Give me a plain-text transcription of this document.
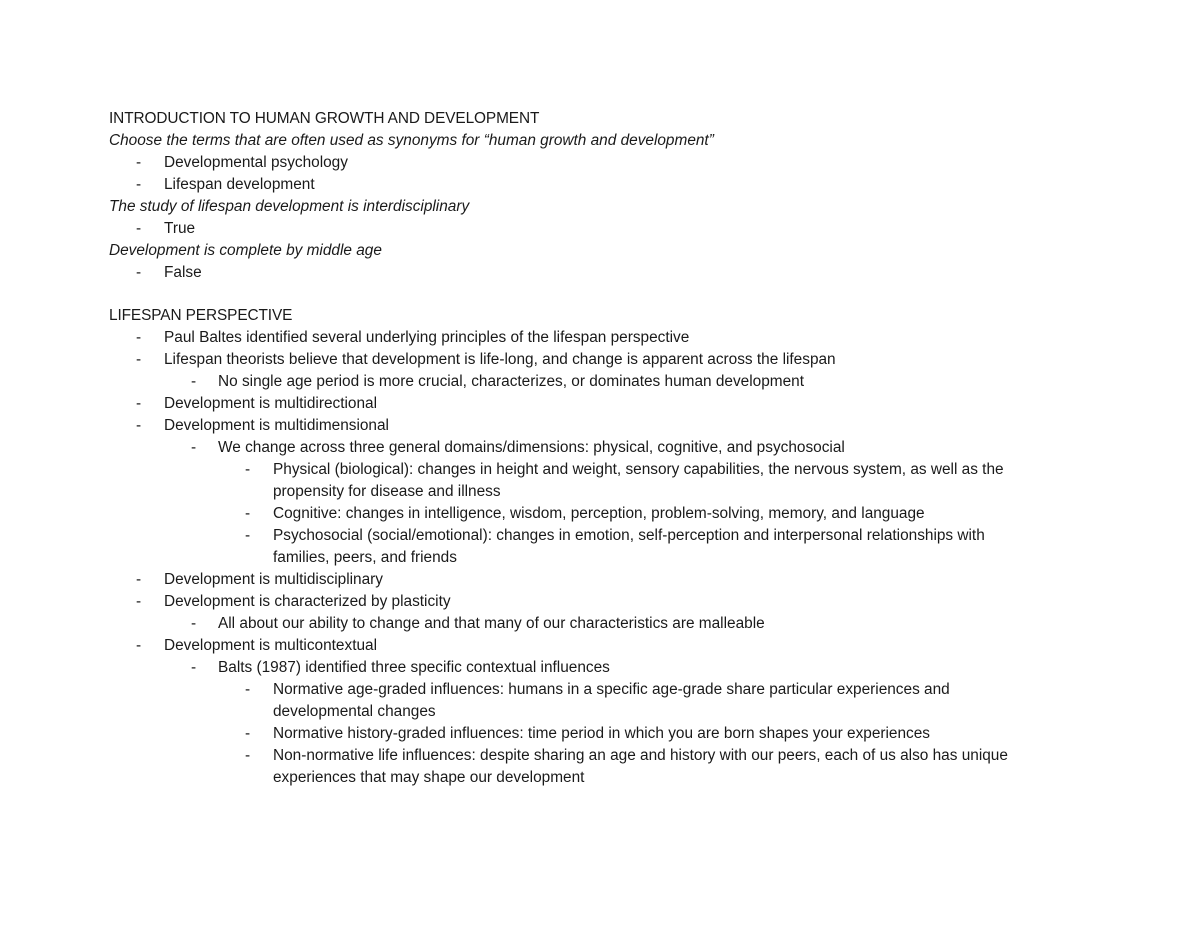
INTRODUCTION TO HUMAN GROWTH AND DEVELOPMENT
Choose the terms that are often used as synonyms for “human growth and development”
- Developmental psychology
- Lifespan development
The study of lifespan development is interdisciplinary
- True
Development is complete by middle age
- False
LIFESPAN PERSPECTIVE
- Paul Baltes identified several underlying principles of the lifespan perspective
- Lifespan theorists believe that development is life-long, and change is apparent across the lifespan
- No single age period is more crucial, characterizes, or dominates human development
- Development is multidirectional
- Development is multidimensional
- We change across three general domains/dimensions: physical, cognitive, and psychosocial
- Physical (biological): changes in height and weight, sensory capabilities, the nervous system, as well as the
propensity for disease and illness
- Cognitive: changes in intelligence, wisdom, perception, problem-solving, memory, and language
- Psychosocial (social/emotional): changes in emotion, self-perception and interpersonal relationships with
families, peers, and friends
- Development is multidisciplinary
- Development is characterized by plasticity
- All about our ability to change and that many of our characteristics are malleable
- Development is multicontextual
- Balts (1987) identified three specific contextual influences
- Normative age-graded influences: humans in a specific age-grade share particular experiences and
developmental changes
- Normative history-graded influences: time period in which you are born shapes your experiences
- Non-normative life influences: despite sharing an age and history with our peers, each of us also has unique
experiences that may shape our development
